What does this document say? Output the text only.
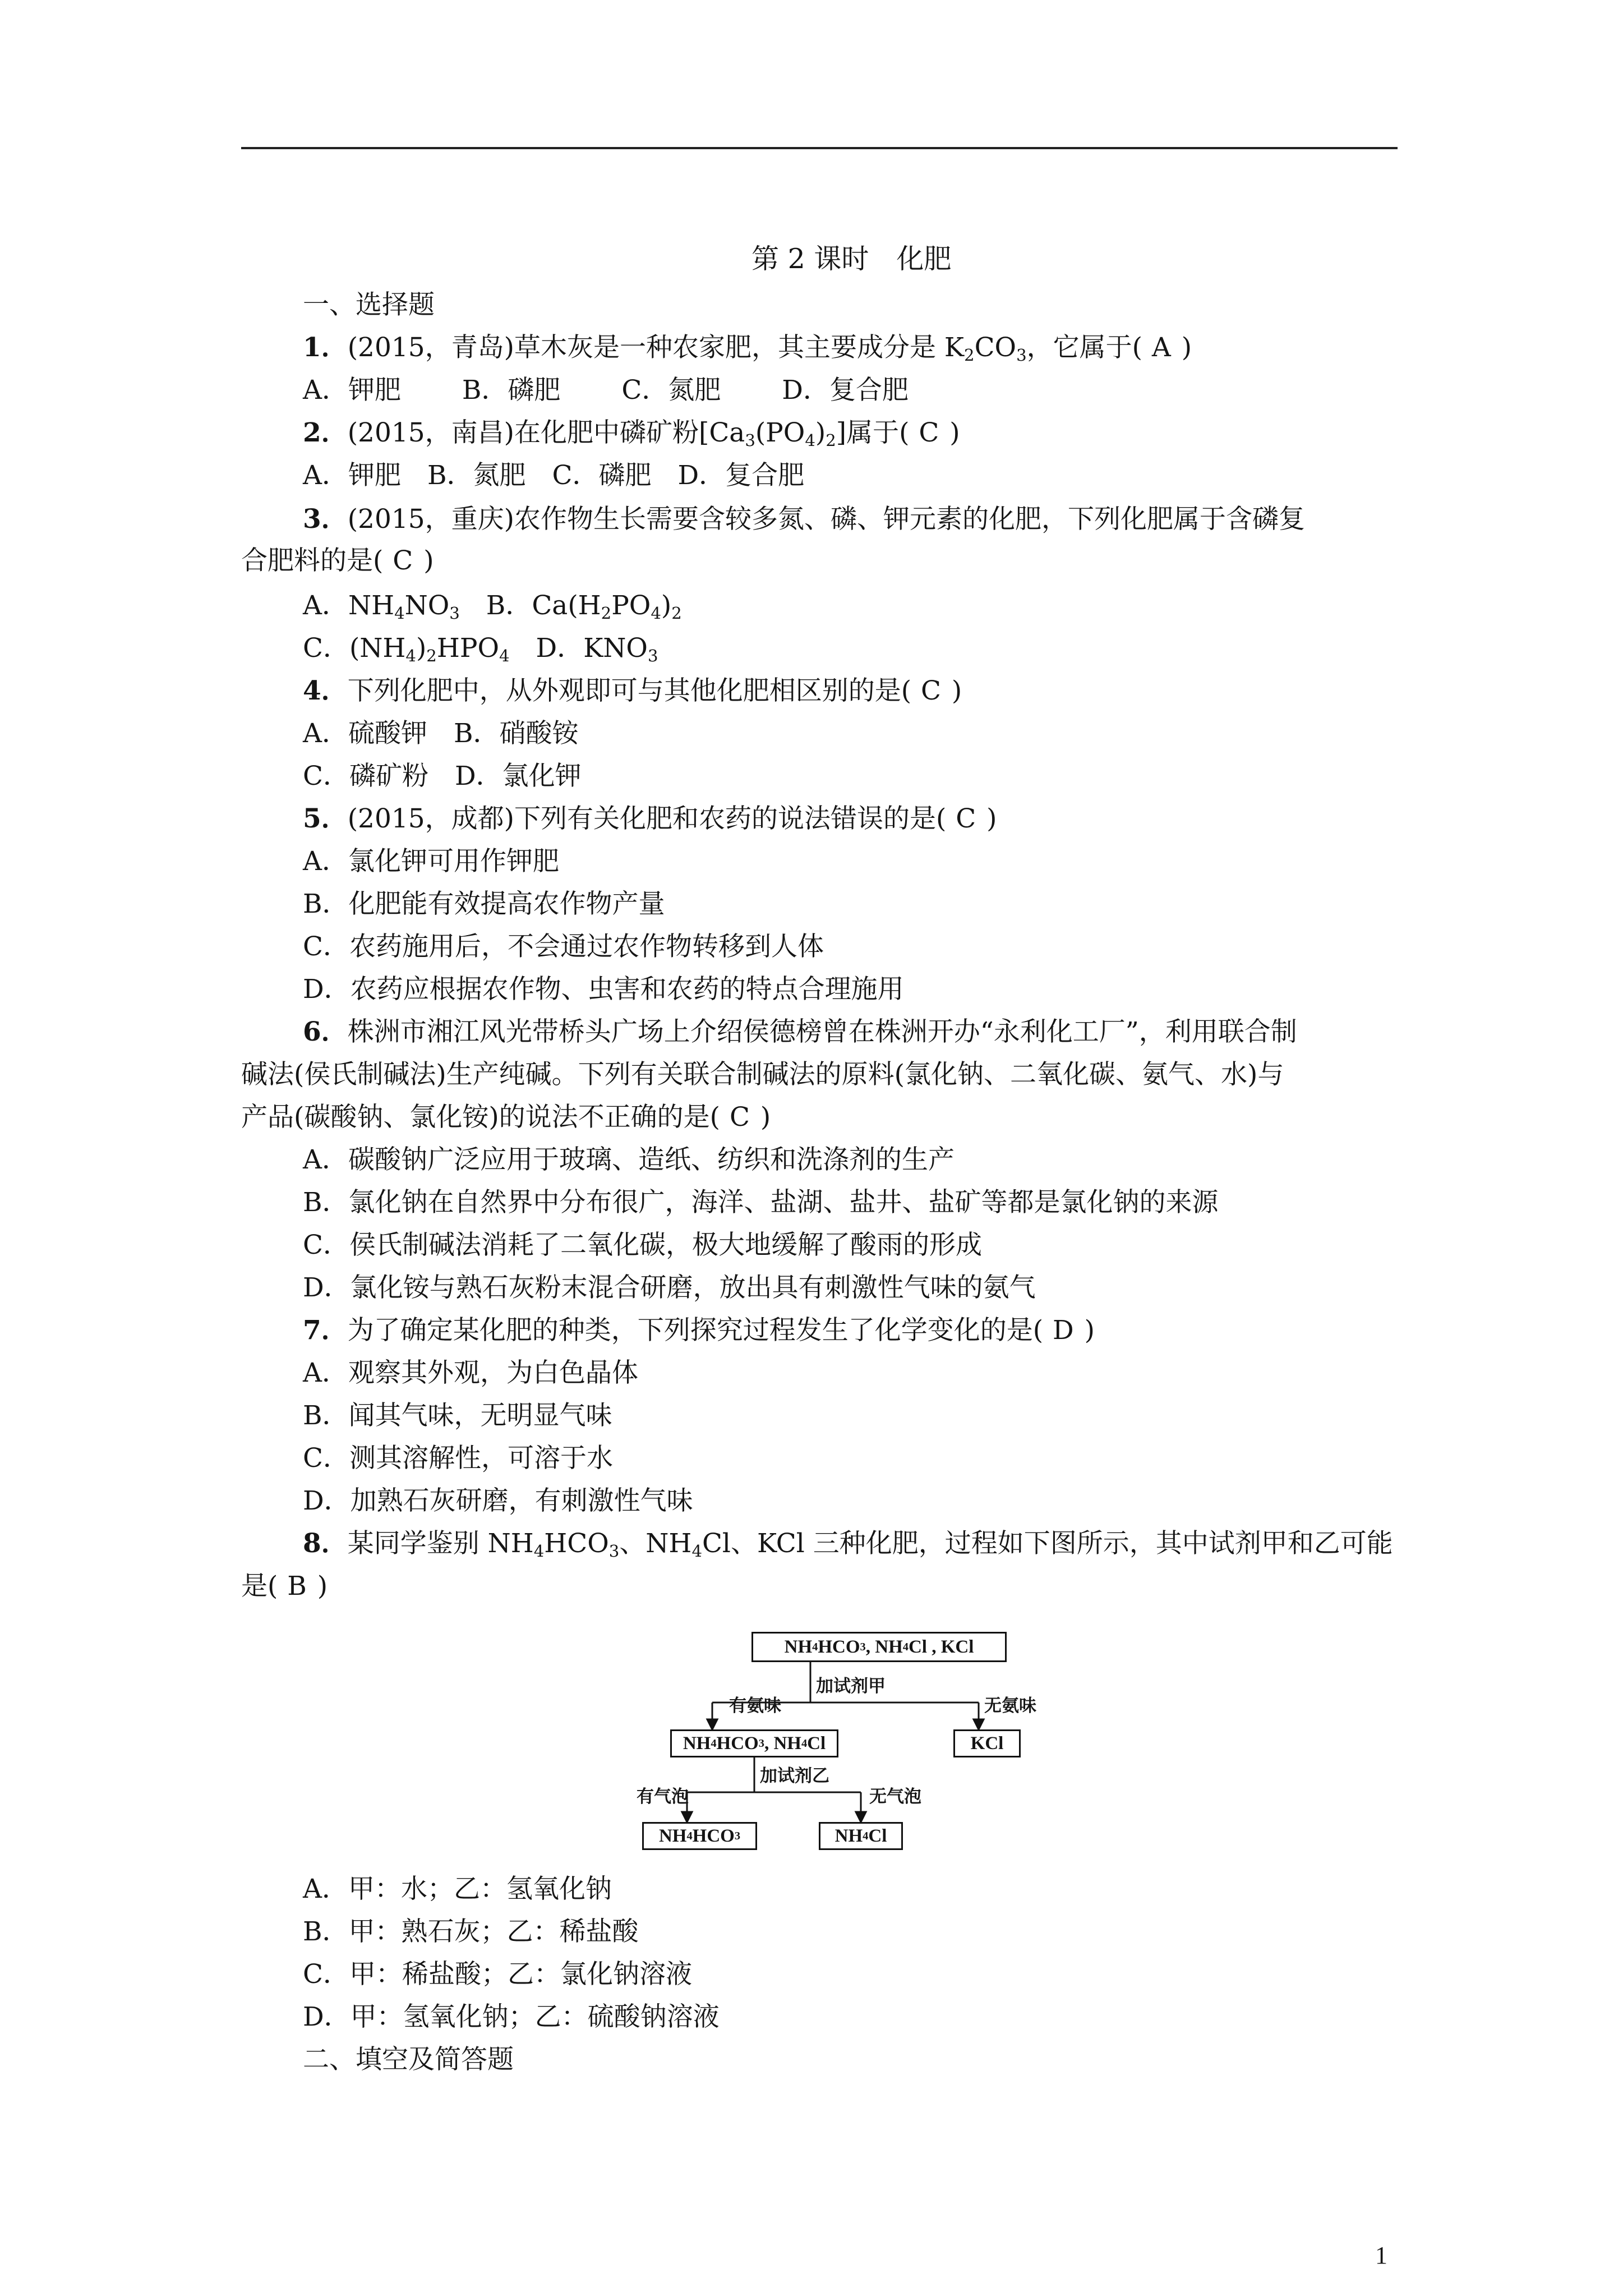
第 2 课时　化肥
一、选择题
1．(2015，青岛)草木灰是一种农家肥，其主要成分是 $K_2CO_3$，它属于( A )
A．钾肥　　 B．磷肥　　 C．氮肥　　 D．复合肥
2．(2015，南昌)在化肥中磷矿粉$[Ca_3(PO_4)_2]$属于( C )
A．钾肥　B．氮肥　C．磷肥　D．复合肥
3．(2015，重庆)农作物生长需要含较多氮、磷、钾元素的化肥，下列化肥属于含磷复
合肥料的是( C )
A．$NH_4NO_3$　B．$Ca(H_2PO_4)_2$
C．$(NH_4)_2HPO_4$　D．$KNO_3$
4．下列化肥中，从外观即可与其他化肥相区别的是( C )
A．硫酸钾　B．硝酸铵
C．磷矿粉　D．氯化钾
5．(2015，成都)下列有关化肥和农药的说法错误的是( C )
A．氯化钾可用作钾肥
B．化肥能有效提高农作物产量
C．农药施用后，不会通过农作物转移到人体
D．农药应根据农作物、虫害和农药的特点合理施用
6．株洲市湘江风光带桥头广场上介绍侯德榜曾在株洲开办“永利化工厂”，利用联合制
碱法(侯氏制碱法)生产纯碱。下列有关联合制碱法的原料(氯化钠、二氧化碳、氨气、水)与
产品(碳酸钠、氯化铵)的说法不正确的是( C )
A．碳酸钠广泛应用于玻璃、造纸、纺织和洗涤剂的生产
B．氯化钠在自然界中分布很广，海洋、盐湖、盐井、盐矿等都是氯化钠的来源
C．侯氏制碱法消耗了二氧化碳，极大地缓解了酸雨的形成
D．氯化铵与熟石灰粉末混合研磨，放出具有刺激性气味的氨气
7．为了确定某化肥的种类，下列探究过程发生了化学变化的是( D )
A．观察其外观，为白色晶体
B．闻其气味，无明显气味
C．测其溶解性，可溶于水
D．加熟石灰研磨，有刺激性气味
8．某同学鉴别 $NH_4HCO_3$、$NH_4Cl$、KCl 三种化肥，过程如下图所示，其中试剂甲和乙可能
是( B )
NH 4 HCO 3 , NH 4 Cl , KCl
加试剂甲
有氨味	无氨味
NH 4 HCO 3 , NH 4 Cl	KCl
加试剂乙
有气泡	无气泡
NH 4 HCO 3	NH 4 Cl
A．甲：水；乙：氢氧化钠
B．甲：熟石灰；乙：稀盐酸
C．甲：稀盐酸；乙：氯化钠溶液
D．甲：氢氧化钠；乙：硫酸钠溶液
二、填空及简答题
1
